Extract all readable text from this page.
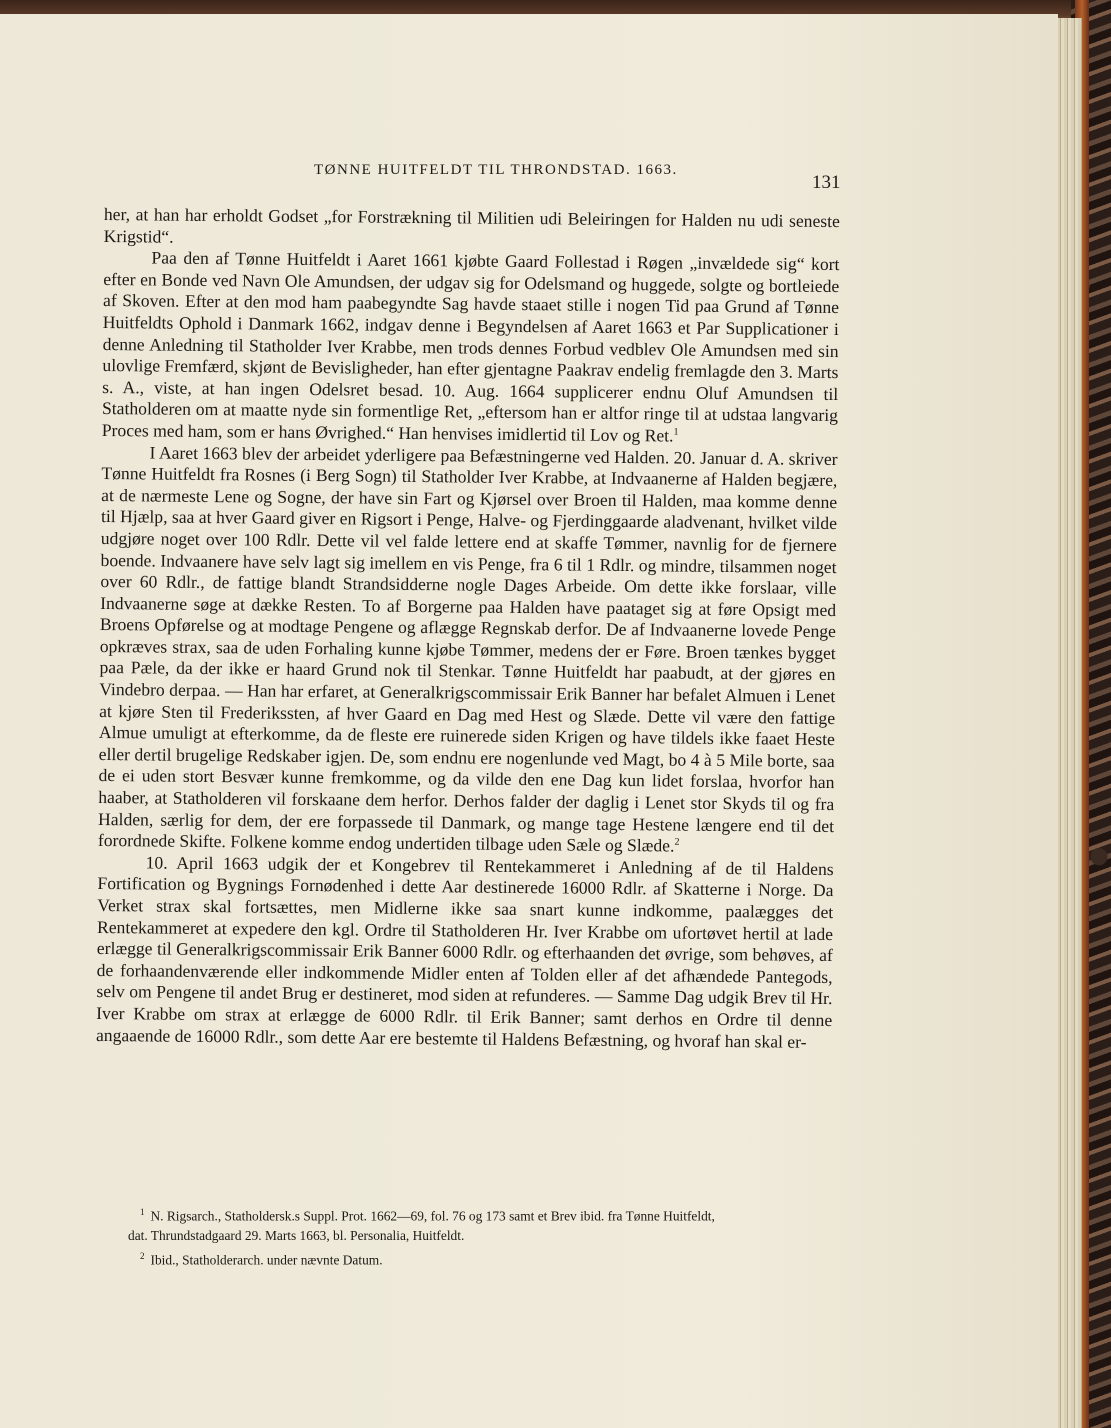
TØNNE HUITFELDT TIL THRONDSTAD. 1663.
131

her, at han har erholdt Godset „for Forstrækning til Militien udi Beleiringen for Halden nu udi seneste Krigstid“.

Paa den af Tønne Huitfeldt i Aaret 1661 kjøbte Gaard Follestad i Røgen „invældede sig“ kort efter en Bonde ved Navn Ole Amundsen, der udgav sig for Odelsmand og huggede, solgte og bortleiede af Skoven. Efter at den mod ham paabegyndte Sag havde staaet stille i nogen Tid paa Grund af Tønne Huitfeldts Ophold i Danmark 1662, indgav denne i Begyndelsen af Aaret 1663 et Par Supplicationer i denne Anledning til Statholder Iver Krabbe, men trods dennes Forbud vedblev Ole Amundsen med sin ulovlige Fremfærd, skjønt de Bevisligheder, han efter gjentagne Paakrav endelig fremlagde den 3. Marts s. A., viste, at han ingen Odelsret besad. 10. Aug. 1664 supplicerer endnu Oluf Amundsen til Statholderen om at maatte nyde sin formentlige Ret, „eftersom han er altfor ringe til at udstaa langvarig Proces med ham, som er hans Øvrighed.“ Han henvises imidlertid til Lov og Ret.$^1$

I Aaret 1663 blev der arbeidet yderligere paa Befæstningerne ved Halden. 20. Januar d. A. skriver Tønne Huitfeldt fra Rosnes (i Berg Sogn) til Statholder Iver Krabbe, at Indvaanerne af Halden begjære, at de nærmeste Lene og Sogne, der have sin Fart og Kjørsel over Broen til Halden, maa komme denne til Hjælp, saa at hver Gaard giver en Rigsort i Penge, Halve- og Fjerdinggaarde aladvenant, hvilket vilde udgjøre noget over 100 Rdlr. Dette vil vel falde lettere end at skaffe Tømmer, navnlig for de fjernere boende. Indvaanere have selv lagt sig imellem en vis Penge, fra 6 til 1 Rdlr. og mindre, tilsammen noget over 60 Rdlr., de fattige blandt Strandsidderne nogle Dages Arbeide. Om dette ikke forslaar, ville Indvaanerne søge at dække Resten. To af Borgerne paa Halden have paataget sig at føre Opsigt med Broens Opførelse og at modtage Pengene og aflægge Regnskab derfor. De af Indvaanerne lovede Penge opkræves strax, saa de uden Forhaling kunne kjøbe Tømmer, medens der er Føre. Broen tænkes bygget paa Pæle, da der ikke er haard Grund nok til Stenkar. Tønne Huitfeldt har paabudt, at der gjøres en Vindebro derpaa. — Han har erfaret, at Generalkrigscommissair Erik Banner har befalet Almuen i Lenet at kjøre Sten til Frederikssten, af hver Gaard en Dag med Hest og Slæde. Dette vil være den fattige Almue umuligt at efterkomme, da de fleste ere ruinerede siden Krigen og have tildels ikke faaet Heste eller dertil brugelige Redskaber igjen. De, som endnu ere nogenlunde ved Magt, bo 4 à 5 Mile borte, saa de ei uden stort Besvær kunne fremkomme, og da vilde den ene Dag kun lidet forslaa, hvorfor han haaber, at Statholderen vil forskaane dem herfor. Derhos falder der daglig i Lenet stor Skyds til og fra Halden, særlig for dem, der ere forpassede til Danmark, og mange tage Hestene længere end til det forordnede Skifte. Folkene komme endog undertiden tilbage uden Sæle og Slæde.$^2$

10. April 1663 udgik der et Kongebrev til Rentekammeret i Anledning af de til Haldens Fortification og Bygnings Fornødenhed i dette Aar destinerede 16000 Rdlr. af Skatterne i Norge. Da Verket strax skal fortsættes, men Midlerne ikke saa snart kunne indkomme, paalægges det Rentekammeret at expedere den kgl. Ordre til Statholderen Hr. Iver Krabbe om ufortøvet hertil at lade erlægge til Generalkrigscommissair Erik Banner 6000 Rdlr. og efterhaanden det øvrige, som behøves, af de forhaandenværende eller indkommende Midler enten af Tolden eller af det afhændede Pantegods, selv om Pengene til andet Brug er destineret, mod siden at refunderes. — Samme Dag udgik Brev til Hr. Iver Krabbe om strax at erlægge de 6000 Rdlr. til Erik Banner; samt derhos en Ordre til denne angaaende de 16000 Rdlr., som dette Aar ere bestemte til Haldens Befæstning, og hvoraf han skal er-

$^1$ N. Rigsarch., Statholdersk.s Suppl. Prot. 1662—69, fol. 76 og 173 samt et Brev ibid. fra Tønne Huitfeldt,

dat. Thrundstadgaard 29. Marts 1663, bl. Personalia, Huitfeldt.

$^2$ Ibid., Statholderarch. under nævnte Datum.
